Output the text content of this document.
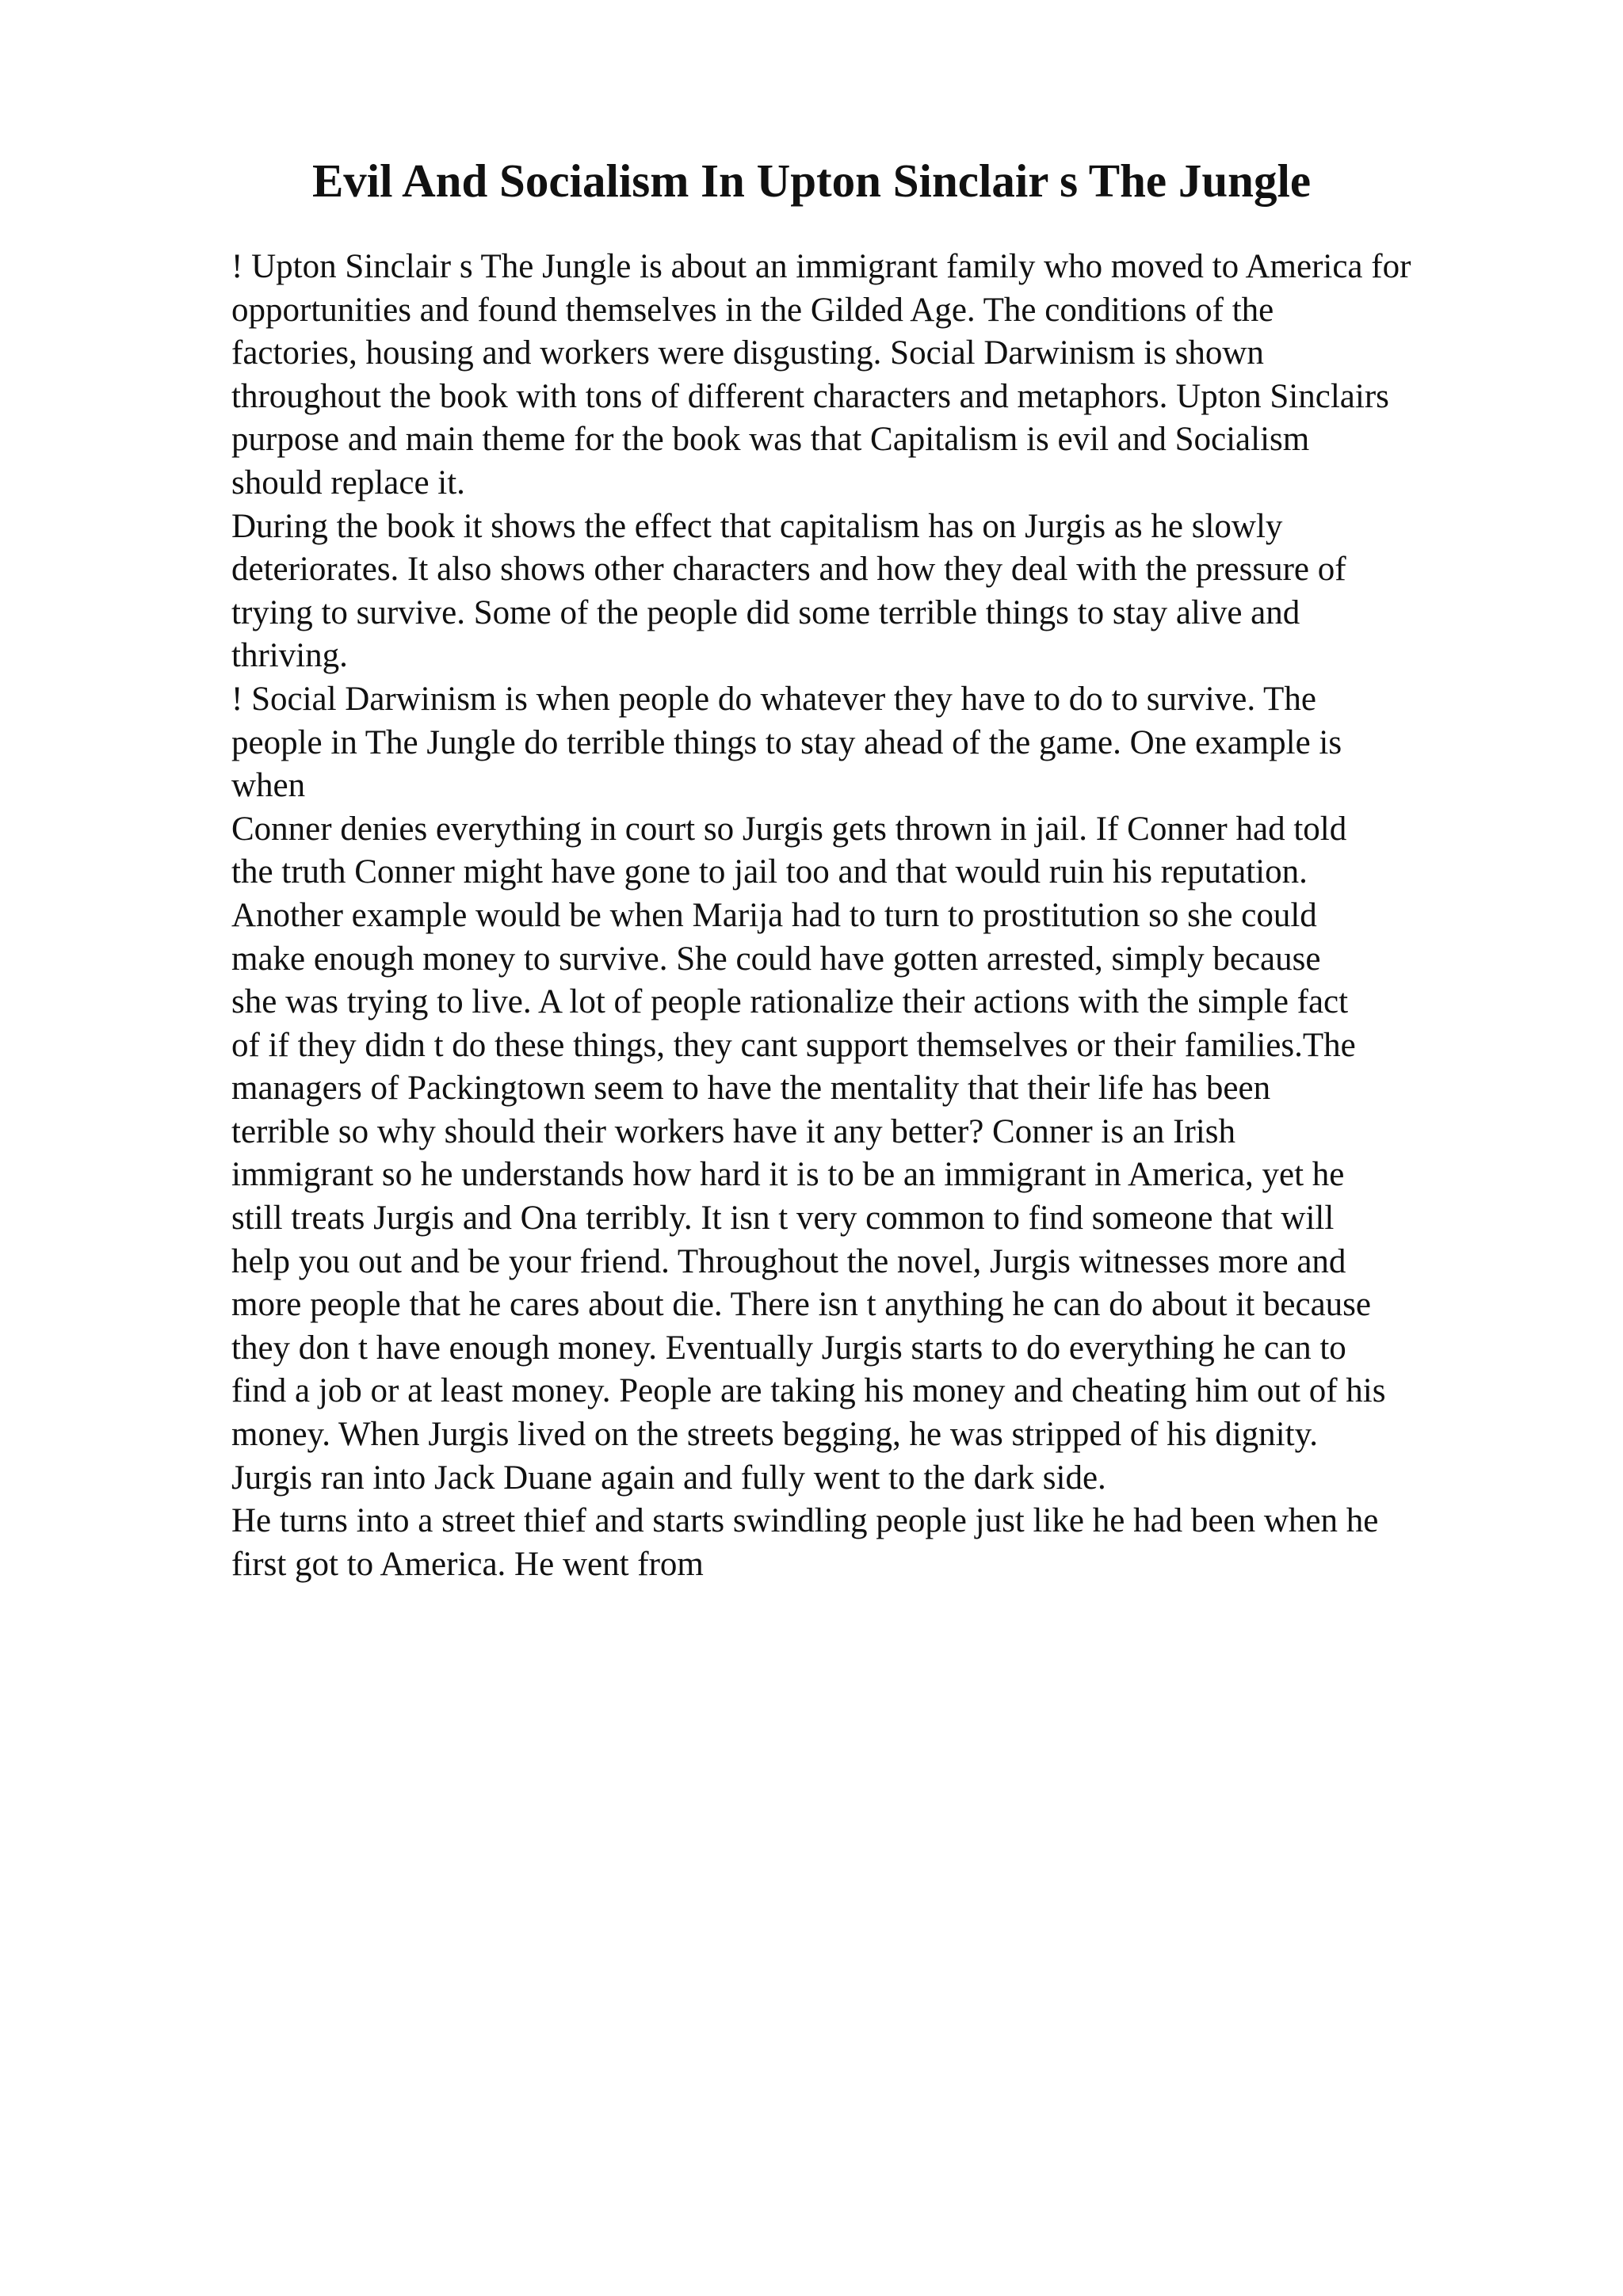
Evil And Socialism In Upton Sinclair s The Jungle

! Upton Sinclair s The Jungle is about an immigrant family who moved to America for

opportunities and found themselves in the Gilded Age. The conditions of the

factories, housing and workers were disgusting. Social Darwinism is shown

throughout the book with tons of different characters and metaphors. Upton Sinclairs

purpose and main theme for the book was that Capitalism is evil and Socialism

should replace it.

During the book it shows the effect that capitalism has on Jurgis as he slowly

deteriorates. It also shows other characters and how they deal with the pressure of

trying to survive. Some of the people did some terrible things to stay alive and

thriving.

! Social Darwinism is when people do whatever they have to do to survive. The

people in The Jungle do terrible things to stay ahead of the game. One example is

when

Conner denies everything in court so Jurgis gets thrown in jail. If Conner had told

the truth Conner might have gone to jail too and that would ruin his reputation.

Another example would be when Marija had to turn to prostitution so she could

make enough money to survive. She could have gotten arrested, simply because

she was trying to live. A lot of people rationalize their actions with the simple fact

of if they didn t do these things, they cant support themselves or their families.The

managers of Packingtown seem to have the mentality that their life has been

terrible so why should their workers have it any better? Conner is an Irish

immigrant so he understands how hard it is to be an immigrant in America, yet he

still treats Jurgis and Ona terribly. It isn t very common to find someone that will

help you out and be your friend. Throughout the novel, Jurgis witnesses more and

more people that he cares about die. There isn t anything he can do about it because

they don t have enough money. Eventually Jurgis starts to do everything he can to

find a job or at least money. People are taking his money and cheating him out of his

money. When Jurgis lived on the streets begging, he was stripped of his dignity.

Jurgis ran into Jack Duane again and fully went to the dark side.

He turns into a street thief and starts swindling people just like he had been when he

first got to America. He went from
